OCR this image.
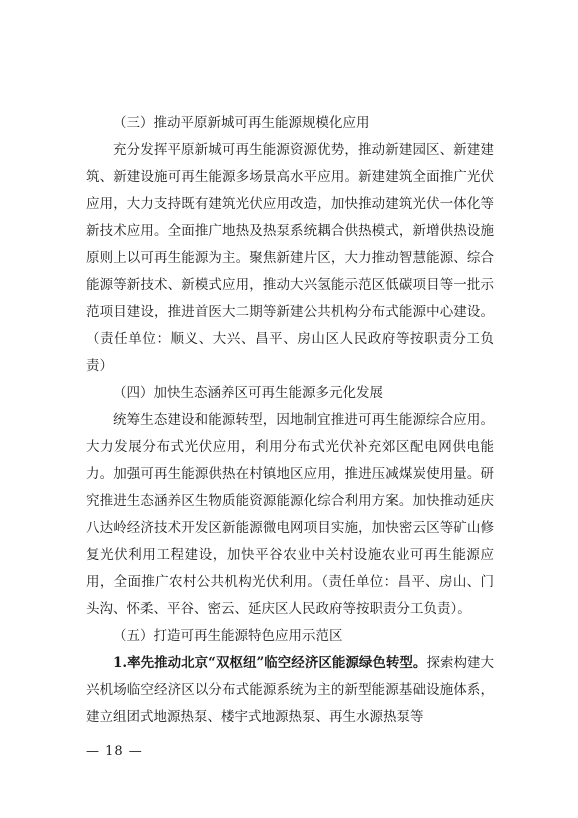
（三）推动平原新城可再生能源规模化应用

充分发挥平原新城可再生能源资源优势，推动新建园区、新建建筑、新建设施可再生能源多场景高水平应用。新建建筑全面推广光伏应用，大力支持既有建筑光伏应用改造，加快推动建筑光伏一体化等新技术应用。全面推广地热及热泵系统耦合供热模式，新增供热设施原则上以可再生能源为主。聚焦新建片区，大力推动智慧能源、综合能源等新技术、新模式应用，推动大兴氢能示范区低碳项目等一批示范项目建设，推进首医大二期等新建公共机构分布式能源中心建设。（责任单位：顺义、大兴、昌平、房山区人民政府等按职责分工负责）

（四）加快生态涵养区可再生能源多元化发展

统筹生态建设和能源转型，因地制宜推进可再生能源综合应用。大力发展分布式光伏应用，利用分布式光伏补充郊区配电网供电能力。加强可再生能源供热在村镇地区应用，推进压减煤炭使用量。研究推进生态涵养区生物质能资源能源化综合利用方案。加快推动延庆八达岭经济技术开发区新能源微电网项目实施，加快密云区等矿山修复光伏利用工程建设，加快平谷农业中关村设施农业可再生能源应用，全面推广农村公共机构光伏利用。（责任单位：昌平、房山、门头沟、怀柔、平谷、密云、延庆区人民政府等按职责分工负责）。

（五）打造可再生能源特色应用示范区

1.率先推动北京“双枢纽”临空经济区能源绿色转型。探索构建大兴机场临空经济区以分布式能源系统为主的新型能源基础设施体系，建立组团式地源热泵、楼宇式地源热泵、再生水源热泵等

— 18 —
